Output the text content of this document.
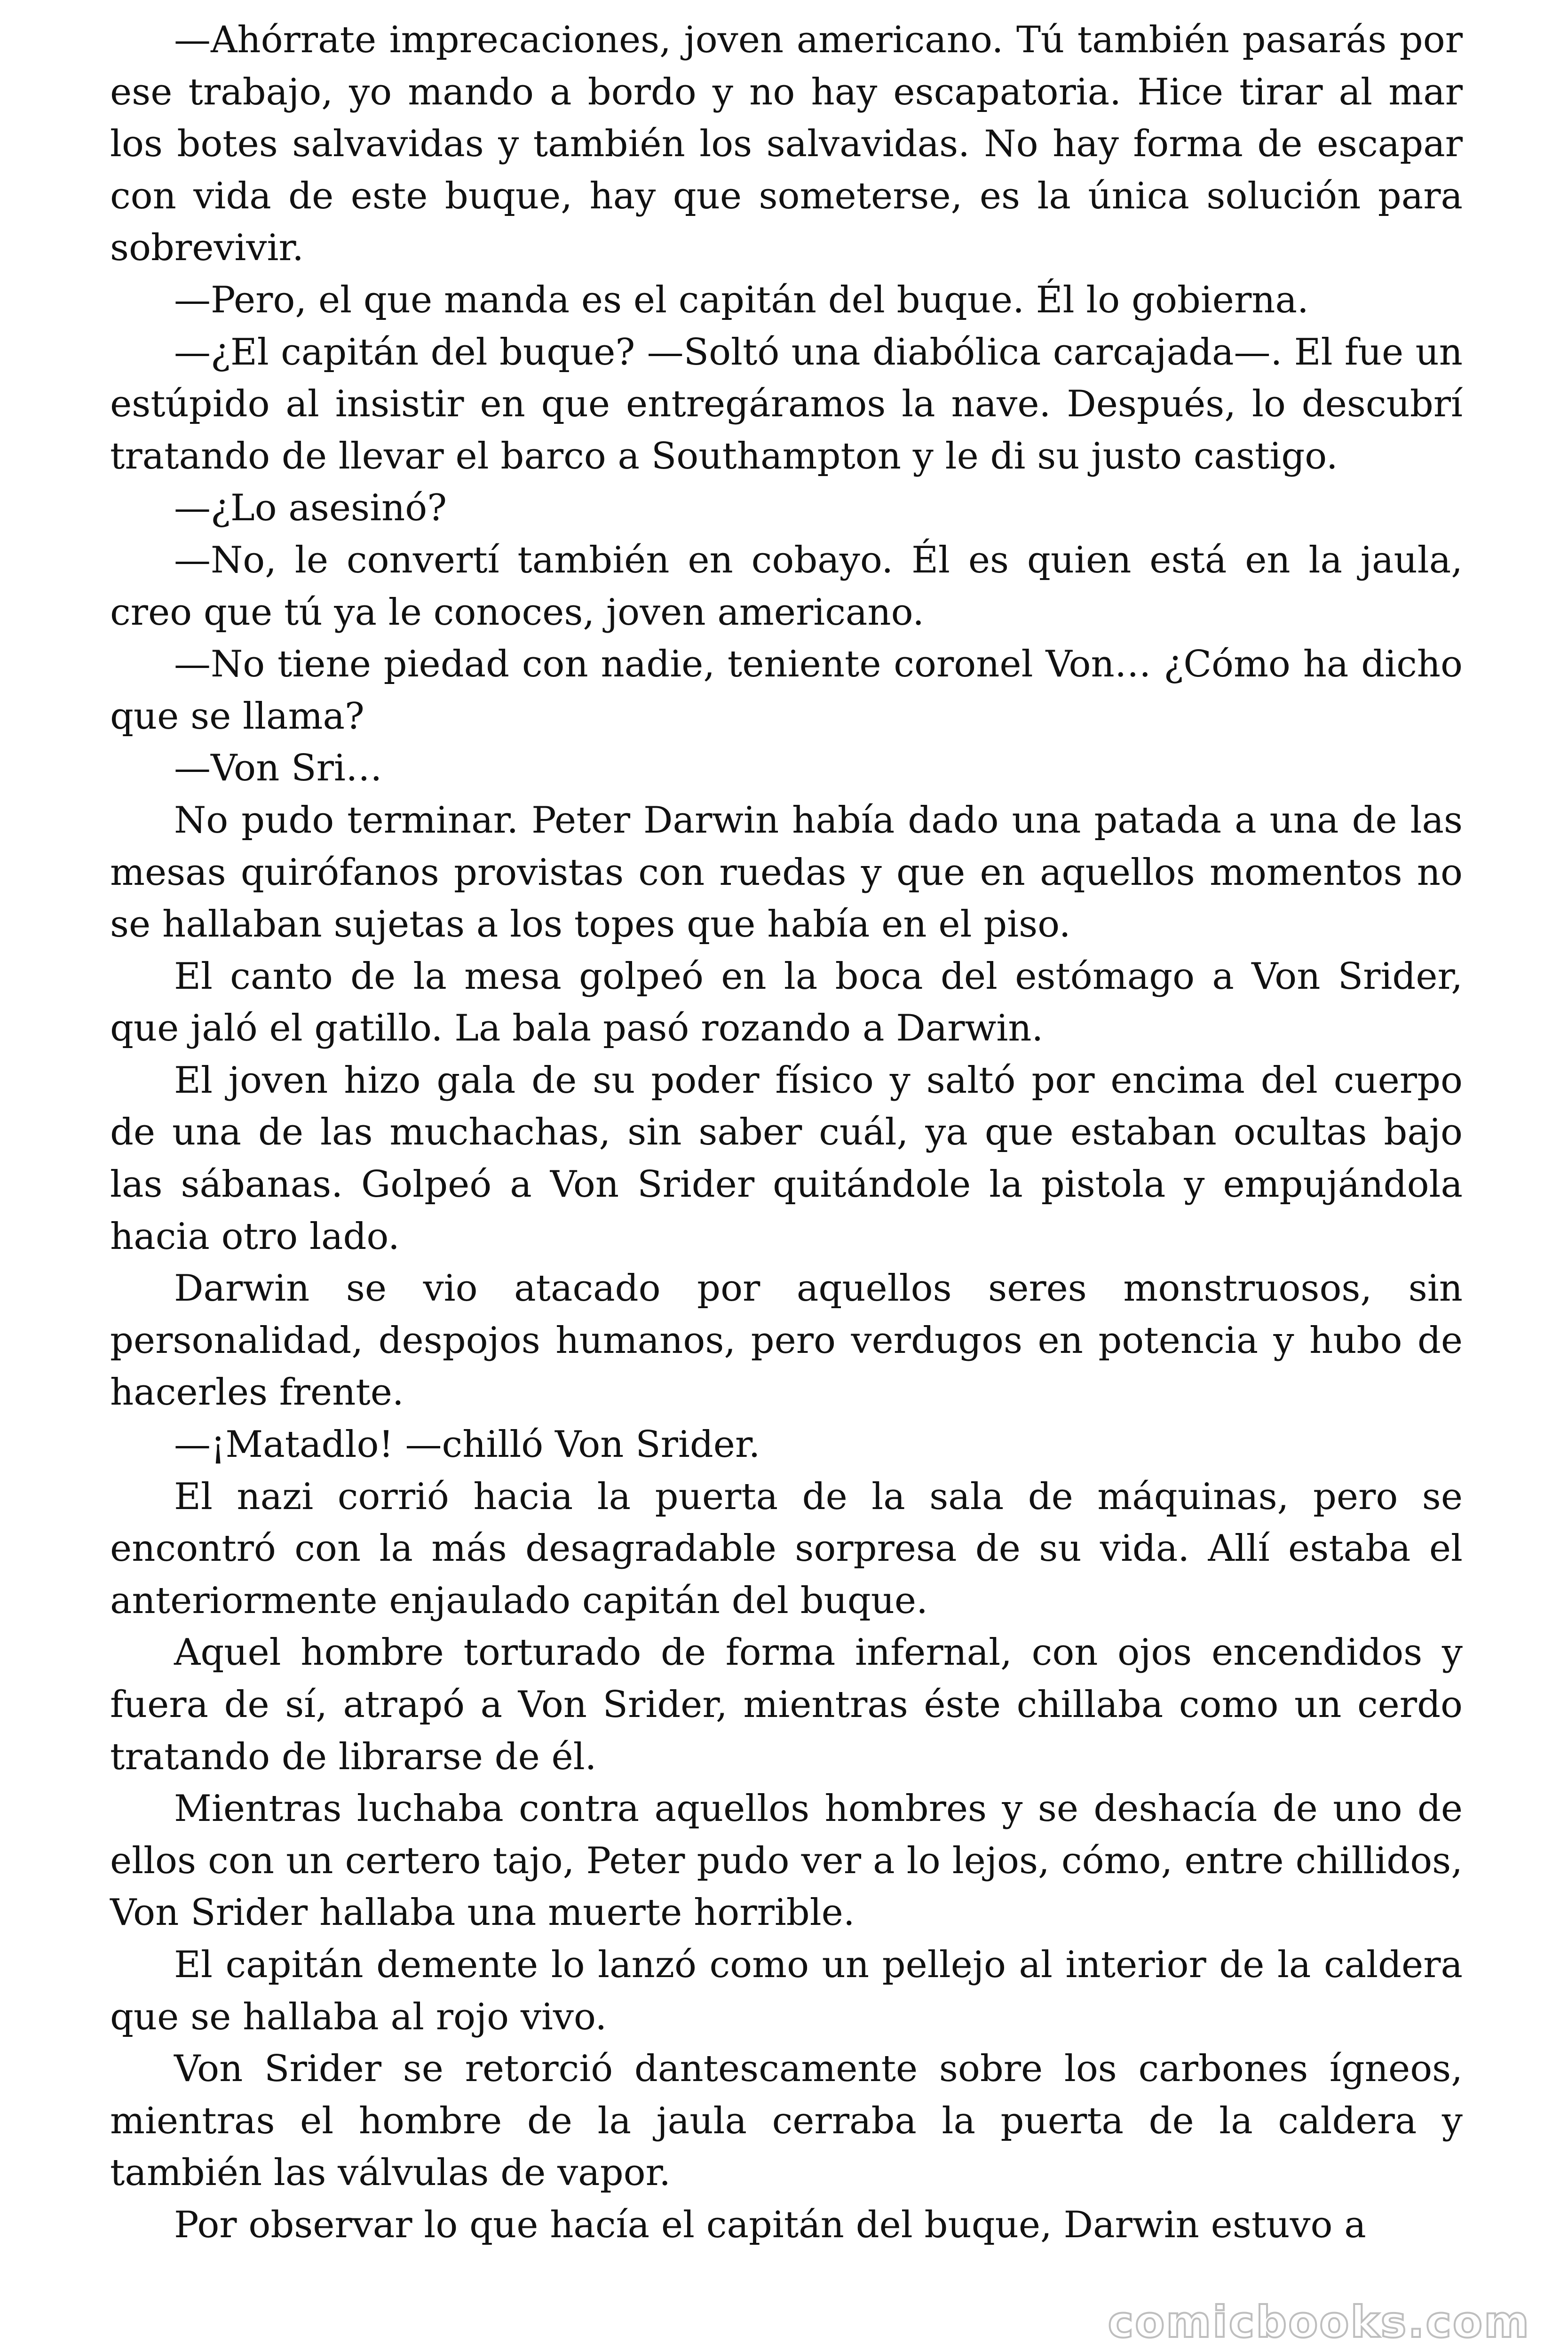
—Ahórrate imprecaciones, joven americano. Tú también pasarás por ese trabajo, yo mando a bordo y no hay escapatoria. Hice tirar al mar los botes salvavidas y también los salvavidas. No hay forma de escapar con vida de este buque, hay que someterse, es la única solución para sobrevivir.

—Pero, el que manda es el capitán del buque. Él lo gobierna.

—¿El capitán del buque? —Soltó una diabólica carcajada—. El fue un estúpido al insistir en que entregáramos la nave. Después, lo descubrí tratando de llevar el barco a Southampton y le di su justo castigo.

—¿Lo asesinó?

—No, le convertí también en cobayo. Él es quien está en la jaula, creo que tú ya le conoces, joven americano.

—No tiene piedad con nadie, teniente coronel Von… ¿Cómo ha dicho que se llama?

—Von Sri…

No pudo terminar. Peter Darwin había dado una patada a una de las mesas quirófanos provistas con ruedas y que en aquellos momentos no se hallaban sujetas a los topes que había en el piso.

El canto de la mesa golpeó en la boca del estómago a Von Srider, que jaló el gatillo. La bala pasó rozando a Darwin.

El joven hizo gala de su poder físico y saltó por encima del cuerpo de una de las muchachas, sin saber cuál, ya que estaban ocultas bajo las sábanas. Golpeó a Von Srider quitándole la pistola y empujándola hacia otro lado.

Darwin se vio atacado por aquellos seres monstruosos, sin personalidad, despojos humanos, pero verdugos en potencia y hubo de hacerles frente.

—¡Matadlo! —chilló Von Srider.

El nazi corrió hacia la puerta de la sala de máquinas, pero se encontró con la más desagradable sorpresa de su vida. Allí estaba el anteriormente enjaulado capitán del buque.

Aquel hombre torturado de forma infernal, con ojos encendidos y fuera de sí, atrapó a Von Srider, mientras éste chillaba como un cerdo tratando de librarse de él.

Mientras luchaba contra aquellos hombres y se deshacía de uno de ellos con un certero tajo, Peter pudo ver a lo lejos, cómo, entre chillidos, Von Srider hallaba una muerte horrible.

El capitán demente lo lanzó como un pellejo al interior de la caldera que se hallaba al rojo vivo.

Von Srider se retorció dantescamente sobre los carbones ígneos, mientras el hombre de la jaula cerraba la puerta de la caldera y también las válvulas de vapor.

Por observar lo que hacía el capitán del buque, Darwin estuvo a

comicbooks.com
